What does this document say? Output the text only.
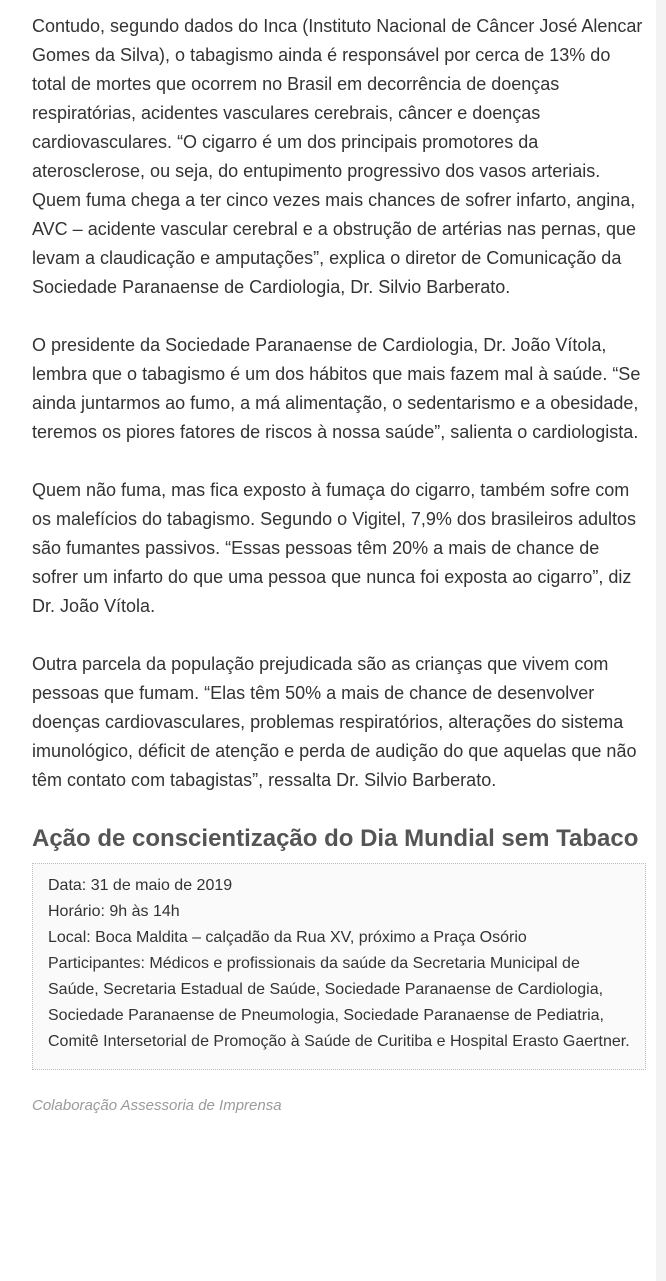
Contudo, segundo dados do Inca (Instituto Nacional de Câncer José Alencar Gomes da Silva), o tabagismo ainda é responsável por cerca de 13% do total de mortes que ocorrem no Brasil em decorrência de doenças respiratórias, acidentes vasculares cerebrais, câncer e doenças cardiovasculares. “O cigarro é um dos principais promotores da aterosclerose, ou seja, do entupimento progressivo dos vasos arteriais. Quem fuma chega a ter cinco vezes mais chances de sofrer infarto, angina, AVC – acidente vascular cerebral e a obstrução de artérias nas pernas, que levam a claudicação e amputações”, explica o diretor de Comunicação da Sociedade Paranaense de Cardiologia, Dr. Silvio Barberato.

O presidente da Sociedade Paranaense de Cardiologia, Dr. João Vítola, lembra que o tabagismo é um dos hábitos que mais fazem mal à saúde. “Se ainda juntarmos ao fumo, a má alimentação, o sedentarismo e a obesidade, teremos os piores fatores de riscos à nossa saúde”, salienta o cardiologista.

Quem não fuma, mas fica exposto à fumaça do cigarro, também sofre com os malefícios do tabagismo. Segundo o Vigitel, 7,9% dos brasileiros adultos são fumantes passivos. “Essas pessoas têm 20% a mais de chance de sofrer um infarto do que uma pessoa que nunca foi exposta ao cigarro”, diz Dr. João Vítola.

Outra parcela da população prejudicada são as crianças que vivem com pessoas que fumam. “Elas têm 50% a mais de chance de desenvolver doenças cardiovasculares, problemas respiratórios, alterações do sistema imunológico, déficit de atenção e perda de audição do que aquelas que não têm contato com tabagistas”, ressalta Dr. Silvio Barberato.

Ação de conscientização do Dia Mundial sem Tabaco

Data: 31 de maio de 2019

Horário: 9h às 14h

Local: Boca Maldita – calçadão da Rua XV, próximo a Praça Osório

Participantes: Médicos e profissionais da saúde da Secretaria Municipal de Saúde, Secretaria Estadual de Saúde, Sociedade Paranaense de Cardiologia, Sociedade Paranaense de Pneumologia, Sociedade Paranaense de Pediatria, Comitê Intersetorial de Promoção à Saúde de Curitiba e Hospital Erasto Gaertner.

Colaboração Assessoria de Imprensa
